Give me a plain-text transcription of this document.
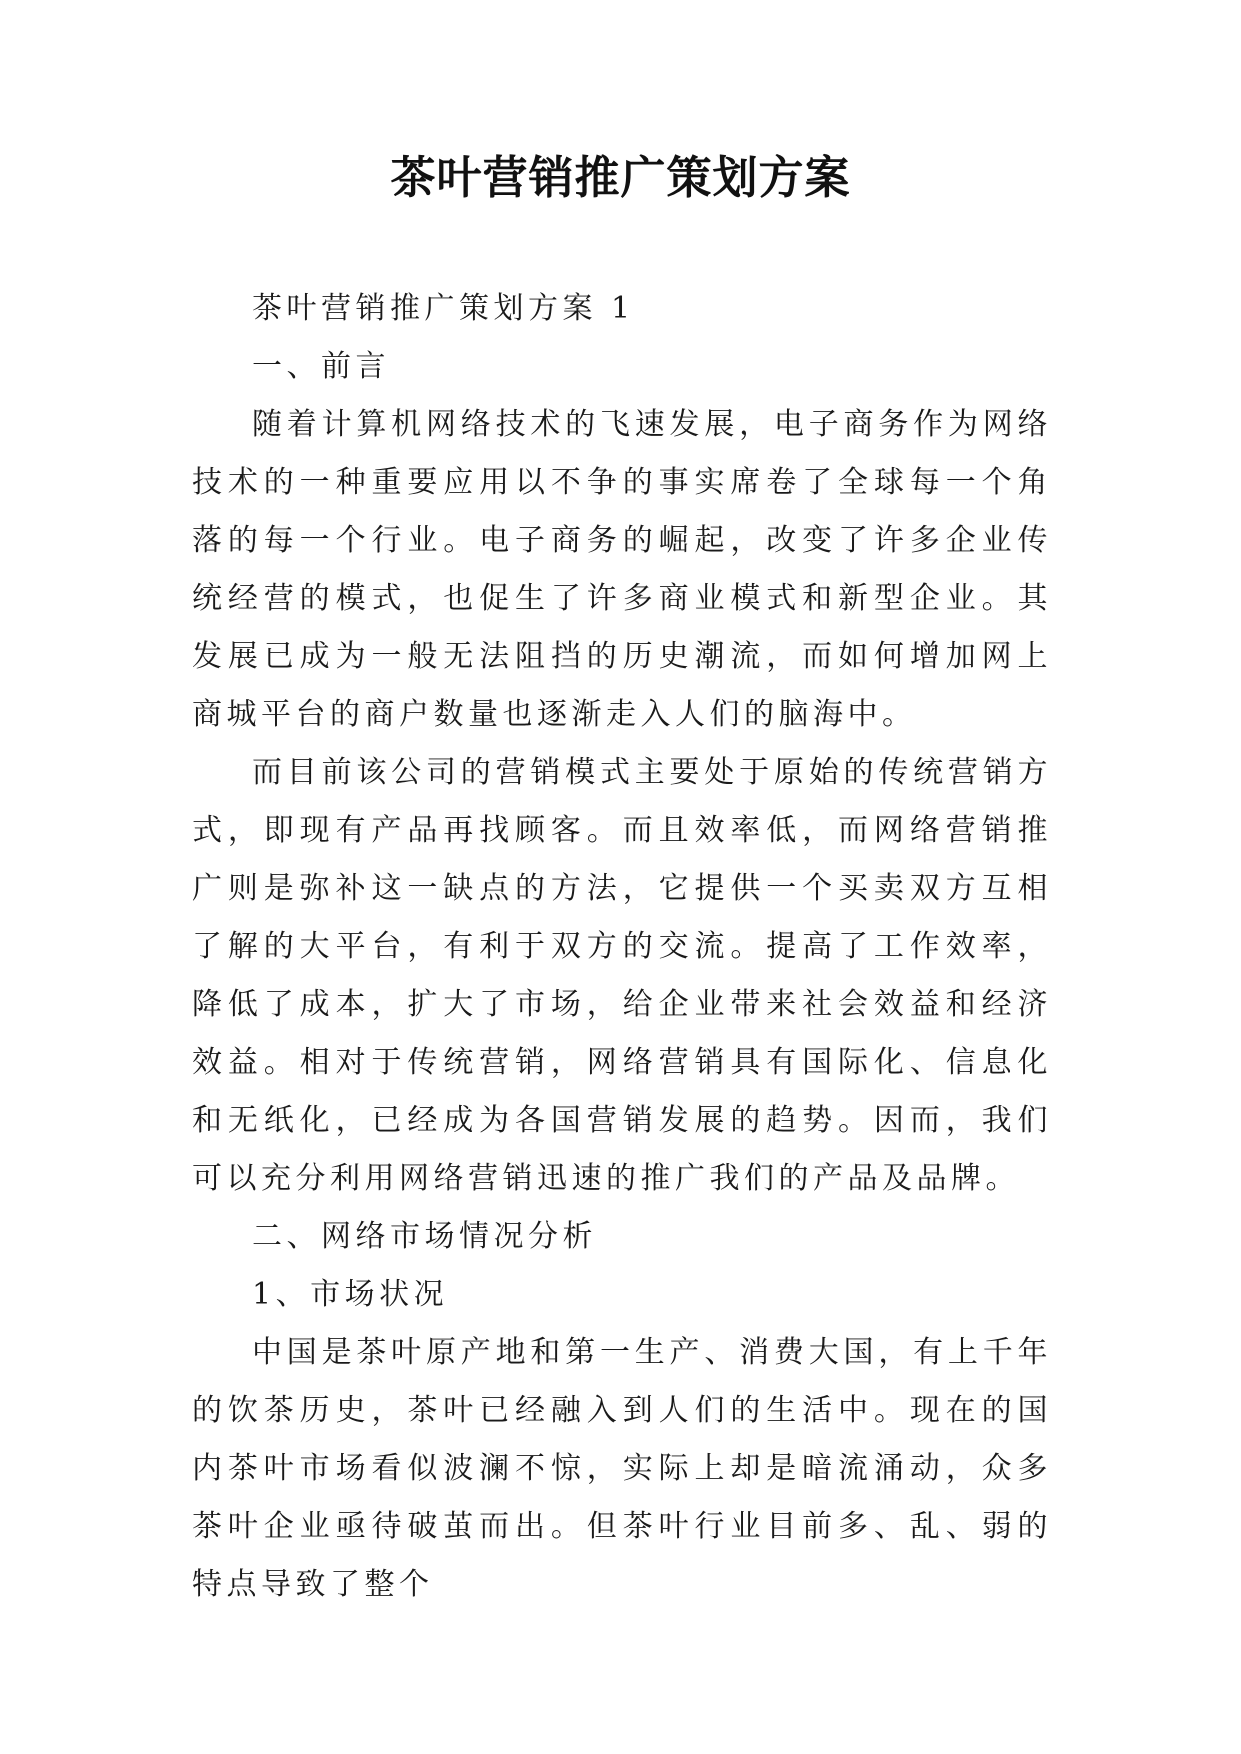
茶叶营销推广策划方案

茶叶营销推广策划方案 1

一、前言

随着计算机网络技术的飞速发展，电子商务作为网络技术的一种重要应用以不争的事实席卷了全球每一个角落的每一个行业。电子商务的崛起，改变了许多企业传统经营的模式，也促生了许多商业模式和新型企业。其发展已成为一般无法阻挡的历史潮流，而如何增加网上商城平台的商户数量也逐渐走入人们的脑海中。

而目前该公司的营销模式主要处于原始的传统营销方式，即现有产品再找顾客。而且效率低，而网络营销推广则是弥补这一缺点的方法，它提供一个买卖双方互相了解的大平台，有利于双方的交流。提高了工作效率，降低了成本，扩大了市场，给企业带来社会效益和经济效益。相对于传统营销，网络营销具有国际化、信息化和无纸化，已经成为各国营销发展的趋势。因而，我们可以充分利用网络营销迅速的推广我们的产品及品牌。

二、网络市场情况分析

1、市场状况

中国是茶叶原产地和第一生产、消费大国，有上千年的饮茶历史，茶叶已经融入到人们的生活中。现在的国内茶叶市场看似波澜不惊，实际上却是暗流涌动，众多茶叶企业亟待破茧而出。但茶叶行业目前多、乱、弱的特点导致了整个
